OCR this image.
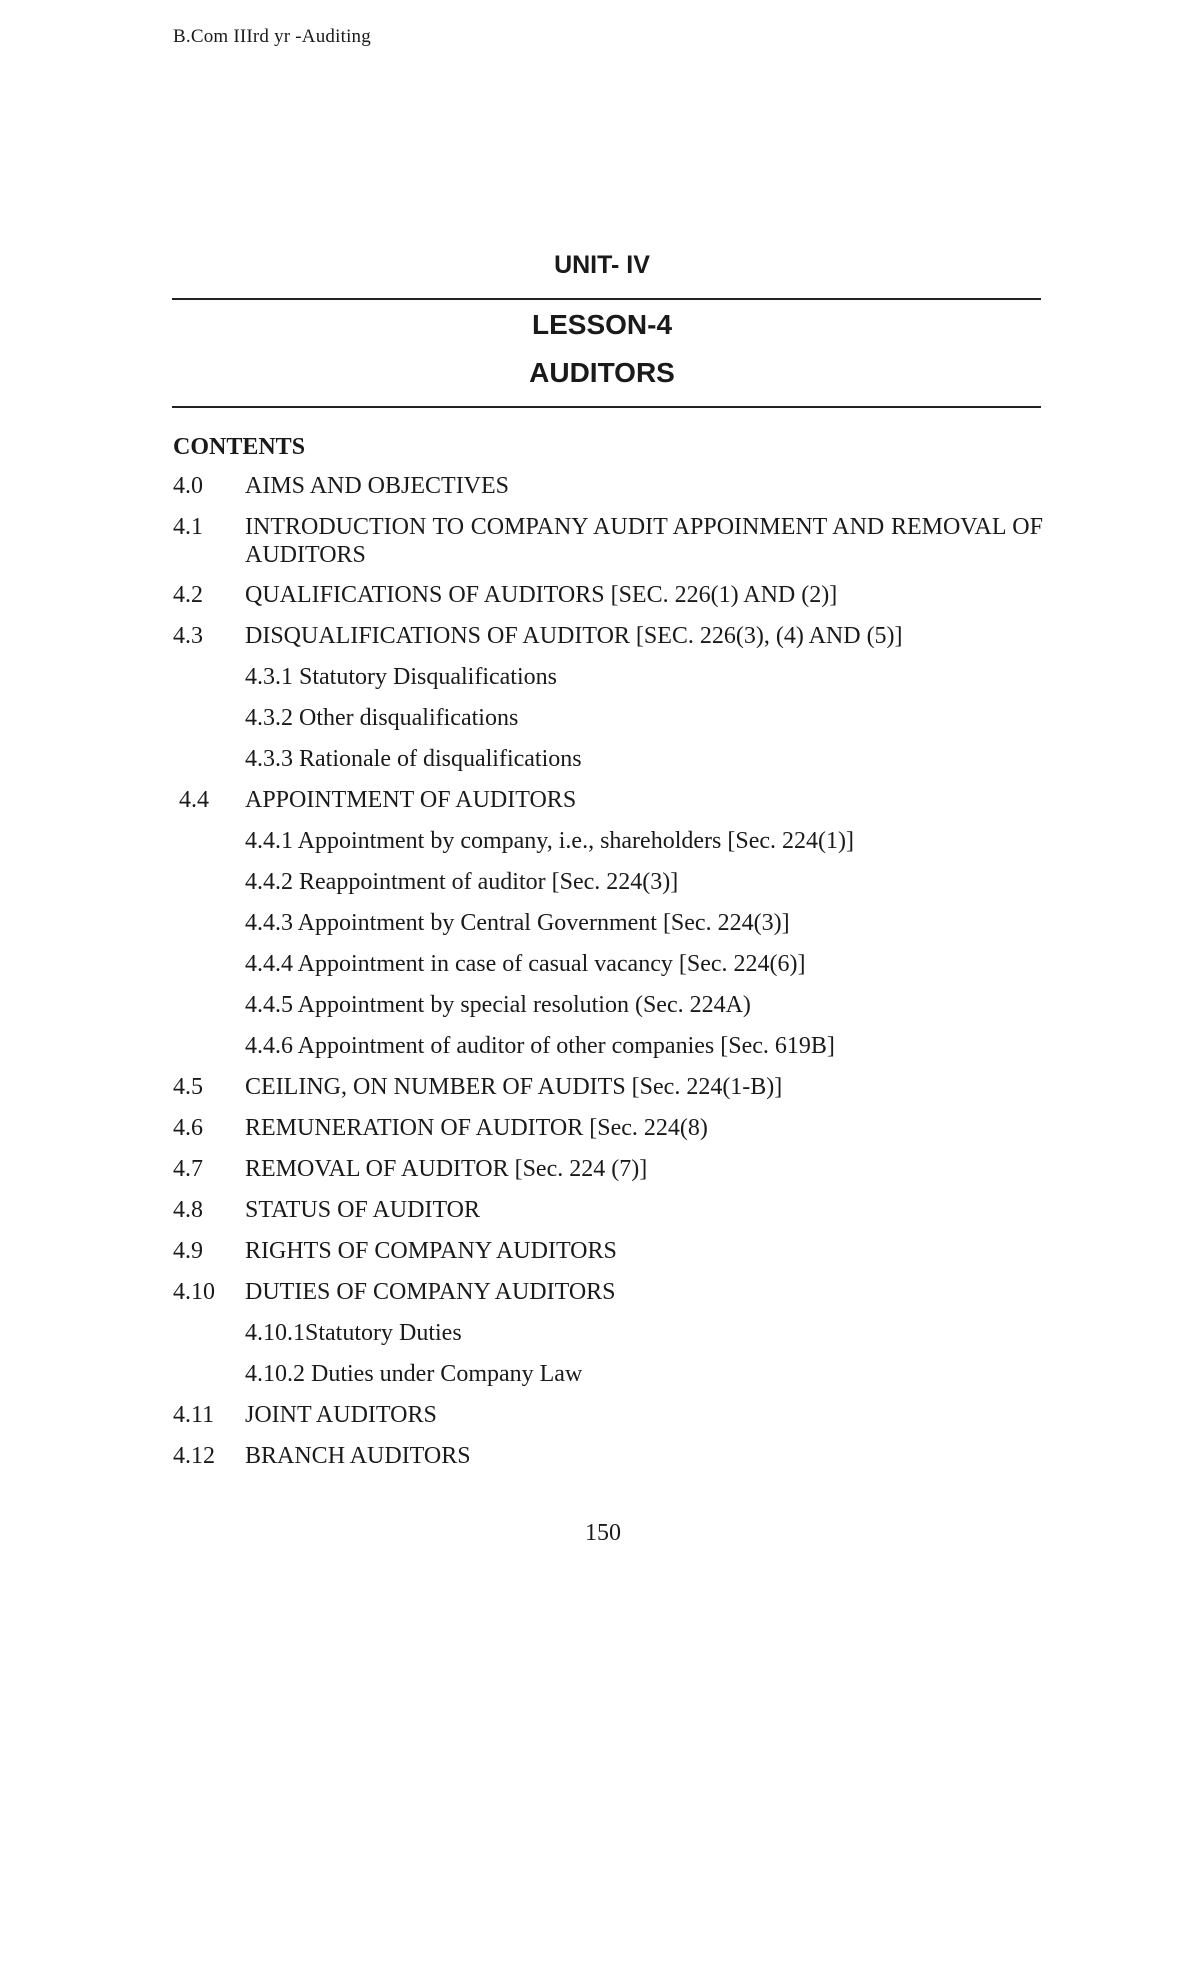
B.Com IIIrd yr -Auditing
UNIT- IV
LESSON-4
AUDITORS
CONTENTS
4.0	AIMS AND OBJECTIVES
4.1	INTRODUCTION TO COMPANY AUDIT APPOINMENT AND REMOVAL OF AUDITORS
4.2	QUALIFICATIONS OF AUDITORS [SEC. 226(1) AND (2)]
4.3	DISQUALIFICATIONS OF AUDITOR [SEC. 226(3), (4) AND (5)]
4.3.1 Statutory Disqualifications
4.3.2 Other disqualifications
4.3.3 Rationale of disqualifications
4.4	APPOINTMENT OF AUDITORS
4.4.1 Appointment by company, i.e., shareholders [Sec. 224(1)]
4.4.2 Reappointment of auditor [Sec. 224(3)]
4.4.3 Appointment by Central Government [Sec. 224(3)]
4.4.4 Appointment in case of casual vacancy [Sec. 224(6)]
4.4.5 Appointment by special resolution (Sec. 224A)
4.4.6 Appointment of auditor of other companies [Sec. 619B]
4.5	CEILING, ON NUMBER OF AUDITS [Sec. 224(1-B)]
4.6	REMUNERATION OF AUDITOR [Sec. 224(8)
4.7	REMOVAL OF AUDITOR [Sec. 224 (7)]
4.8	STATUS OF AUDITOR
4.9	RIGHTS OF COMPANY AUDITORS
4.10	DUTIES OF COMPANY AUDITORS
4.10.1Statutory Duties
4.10.2 Duties under Company Law
4.11	JOINT AUDITORS
4.12	BRANCH AUDITORS
150
